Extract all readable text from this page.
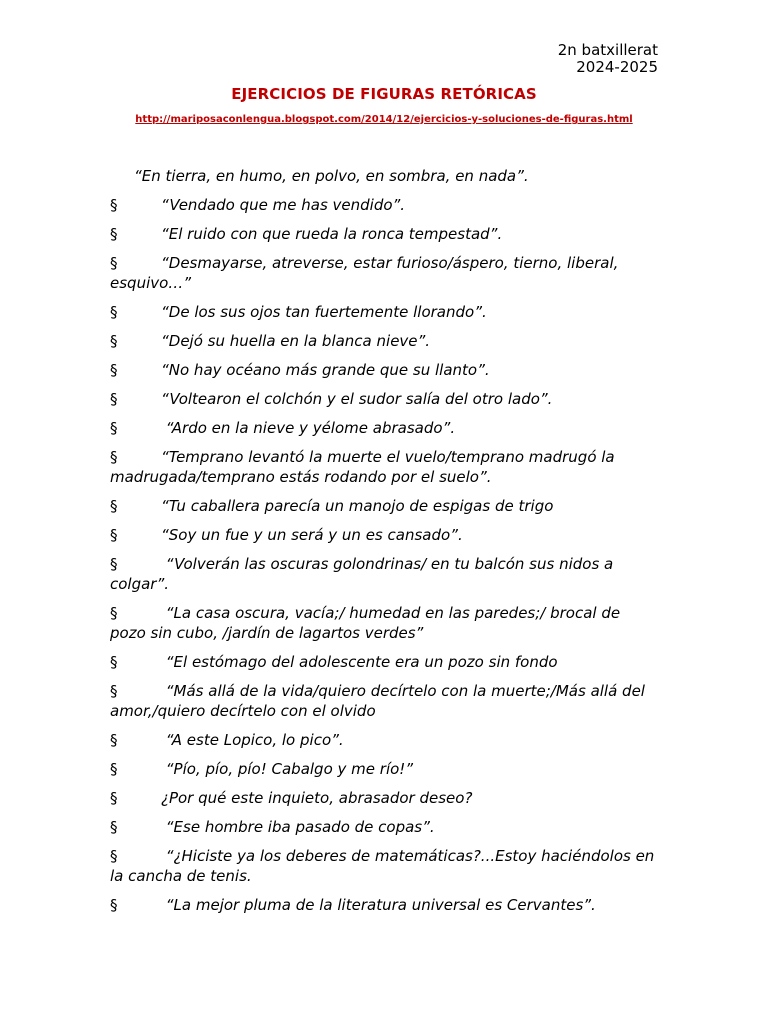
2n batxillerat
2024-2025
EJERCICIOS DE FIGURAS RETÓRICAS
http://mariposaconlengua.blogspot.com/2014/12/ejercicios-y-soluciones-de-figuras.html

“En tierra, en humo, en polvo, en sombra, en nada”.

§	“Vendado que me has vendido”.

§	“El ruido con que rueda la ronca tempestad”.

§	“Desmayarse, atreverse, estar furioso/áspero, tierno, liberal, esquivo…”

§	“De los sus ojos tan fuertemente llorando”.

§	“Dejó su huella en la blanca nieve”.

§	“No hay océano más grande que su llanto”.

§	“Voltearon el colchón y el sudor salía del otro lado”.

§	“Ardo en la nieve y yélome abrasado”.

§	“Temprano levantó la muerte el vuelo/temprano madrugó la madrugada/temprano estás rodando por el suelo”.

§	“Tu caballera parecía un manojo de espigas de trigo

§	“Soy un fue y un será y un es cansado”.

§	“Volverán las oscuras golondrinas/ en tu balcón sus nidos a colgar”.

§	“La casa oscura, vacía;/ humedad en las paredes;/ brocal de pozo sin cubo, /jardín de lagartos verdes”

§	“El estómago del adolescente era un pozo sin fondo

§	“Más allá de la vida/quiero decírtelo con la muerte;/Más allá del amor,/quiero decírtelo con el olvido

§	“A este Lopico, lo pico”.

§	“Pío, pío, pío! Cabalgo y me río!”

§	¿Por qué este inquieto, abrasador deseo?

§	“Ese hombre iba pasado de copas”.

§	“¿Hiciste ya los deberes de matemáticas?...Estoy haciéndolos en la cancha de tenis.

§	“La mejor pluma de la literatura universal es Cervantes”.
